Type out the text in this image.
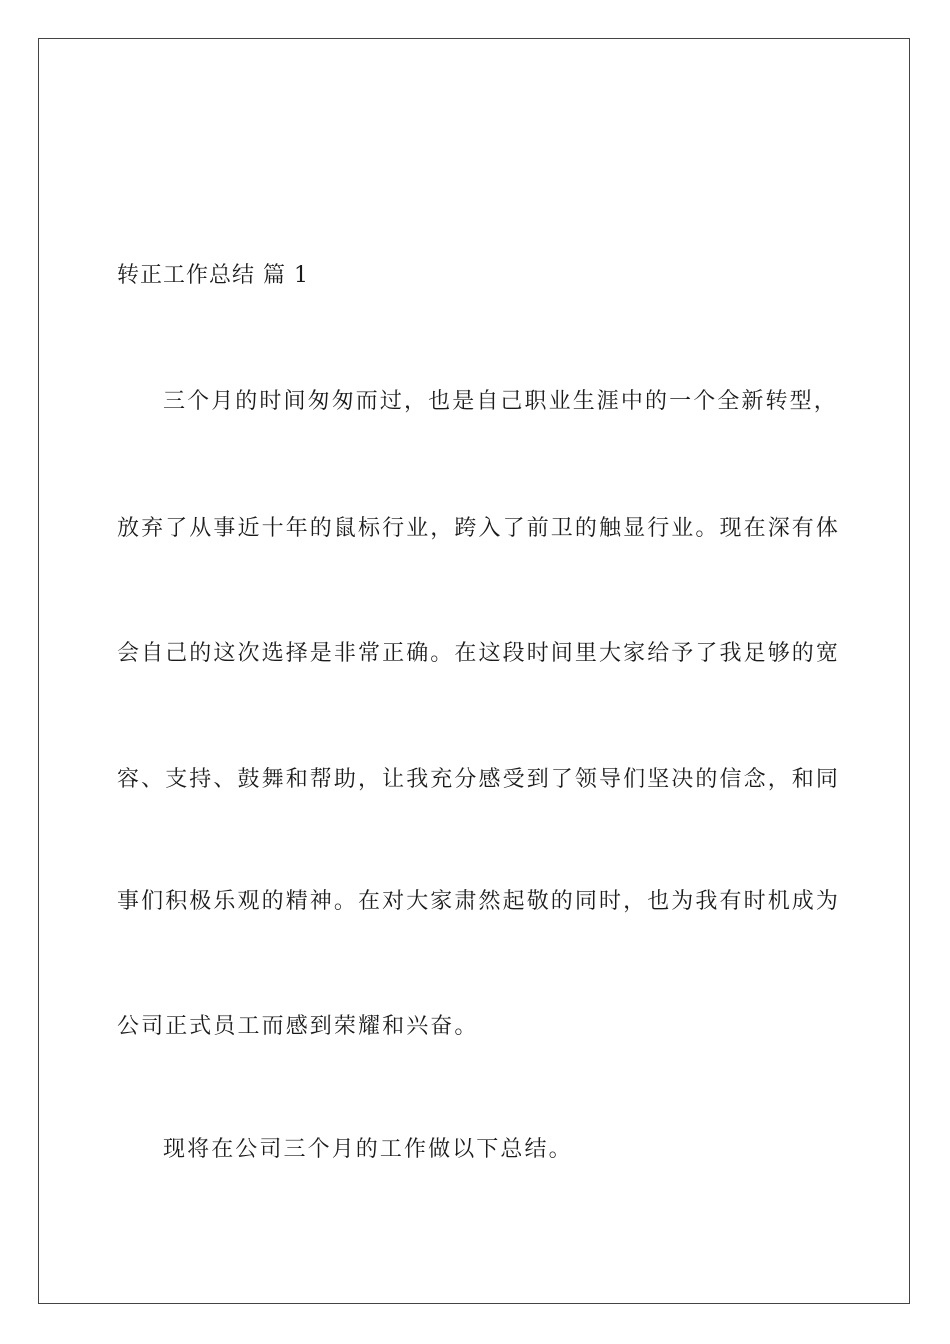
转正工作总结 篇 1
三个月的时间匆匆而过，也是自己职业生涯中的一个全新转型，
放弃了从事近十年的鼠标行业，跨入了前卫的触显行业。现在深有体
会自己的这次选择是非常正确。在这段时间里大家给予了我足够的宽
容、支持、鼓舞和帮助，让我充分感受到了领导们坚决的信念，和同
事们积极乐观的精神。在对大家肃然起敬的同时，也为我有时机成为
公司正式员工而感到荣耀和兴奋。
现将在公司三个月的工作做以下总结。
